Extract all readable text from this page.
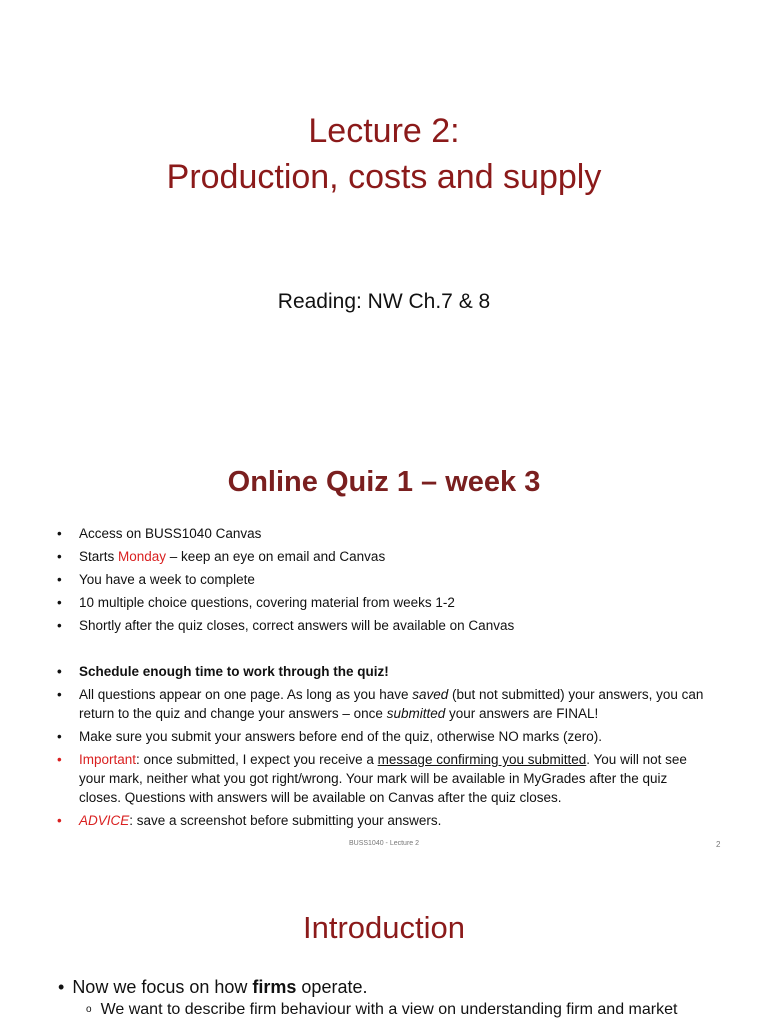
Lecture 2:
Production, costs and supply
Reading: NW Ch.7 & 8
Online Quiz 1 – week 3
• Access on BUSS1040 Canvas
• Starts Monday – keep an eye on email and Canvas
• You have a week to complete
• 10 multiple choice questions, covering material from weeks 1-2
• Shortly after the quiz closes, correct answers will be available on Canvas
• Schedule enough time to work through the quiz!
• All questions appear on one page. As long as you have saved (but not submitted) your answers, you can return to the quiz and change your answers – once submitted your answers are FINAL!
• Make sure you submit your answers before end of the quiz, otherwise NO marks (zero).
• Important: once submitted, I expect you receive a message confirming you submitted. You will not see your mark, neither what you got right/wrong. Your mark will be available in MyGrades after the quiz closes. Questions with answers will be available on Canvas after the quiz closes.
• ADVICE: save a screenshot before submitting your answers.
BUSS1040 - Lecture 2	2
Introduction
• Now we focus on how firms operate.
o We want to describe firm behaviour with a view on understanding firm and market
